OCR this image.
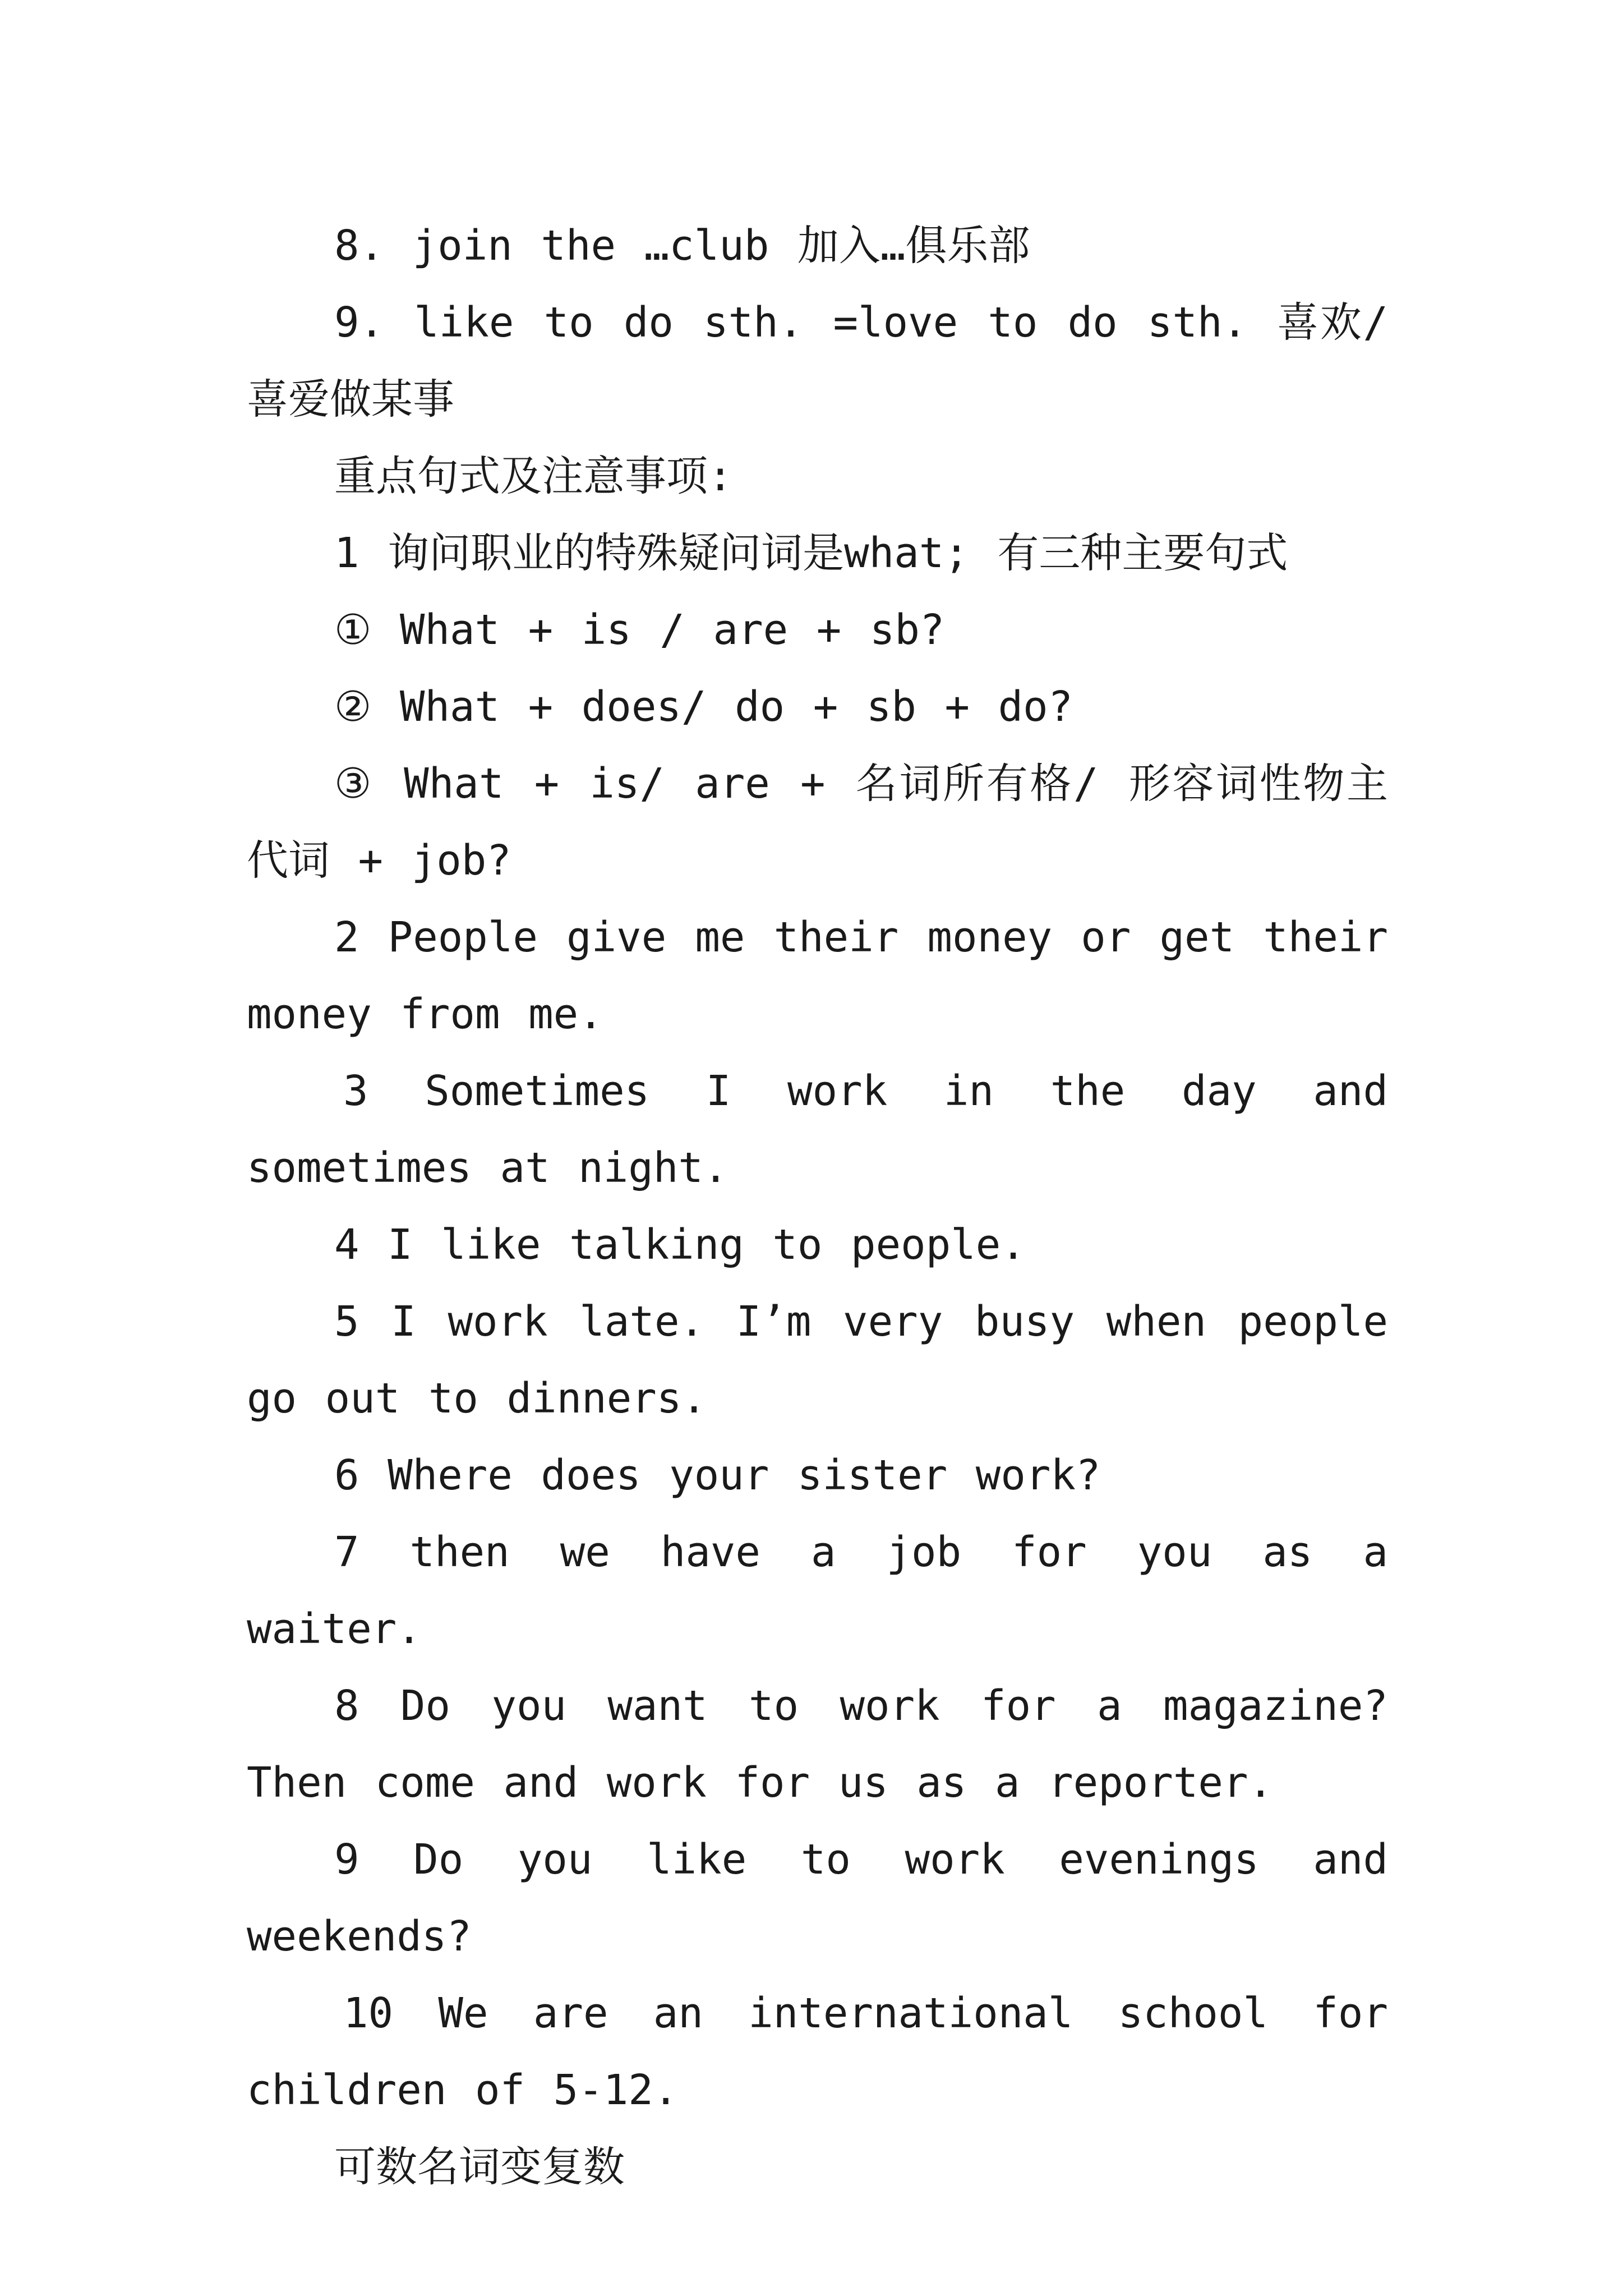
8. join the …club 加入…俱乐部

9. like to do sth. =love to do sth. 喜欢/喜爱做某事

重点句式及注意事项:

1 询问职业的特殊疑问词是what; 有三种主要句式

① What + is / are + sb?

② What + does/ do + sb + do?

③ What + is/ are + 名词所有格/ 形容词性物主代词 + job?

2 People give me their money or get their money from me.

3 Sometimes I work in the day and sometimes at night.

4 I like talking to people.

5 I work late. I’m very busy when people go out to dinners.

6 Where does your sister work?

7 then we have a job for you as a waiter.

8 Do you want to work for a magazine? Then come and work for us as a reporter.

9 Do you like to work evenings and weekends?

10 We are an international school for children of 5-12.

可数名词变复数
